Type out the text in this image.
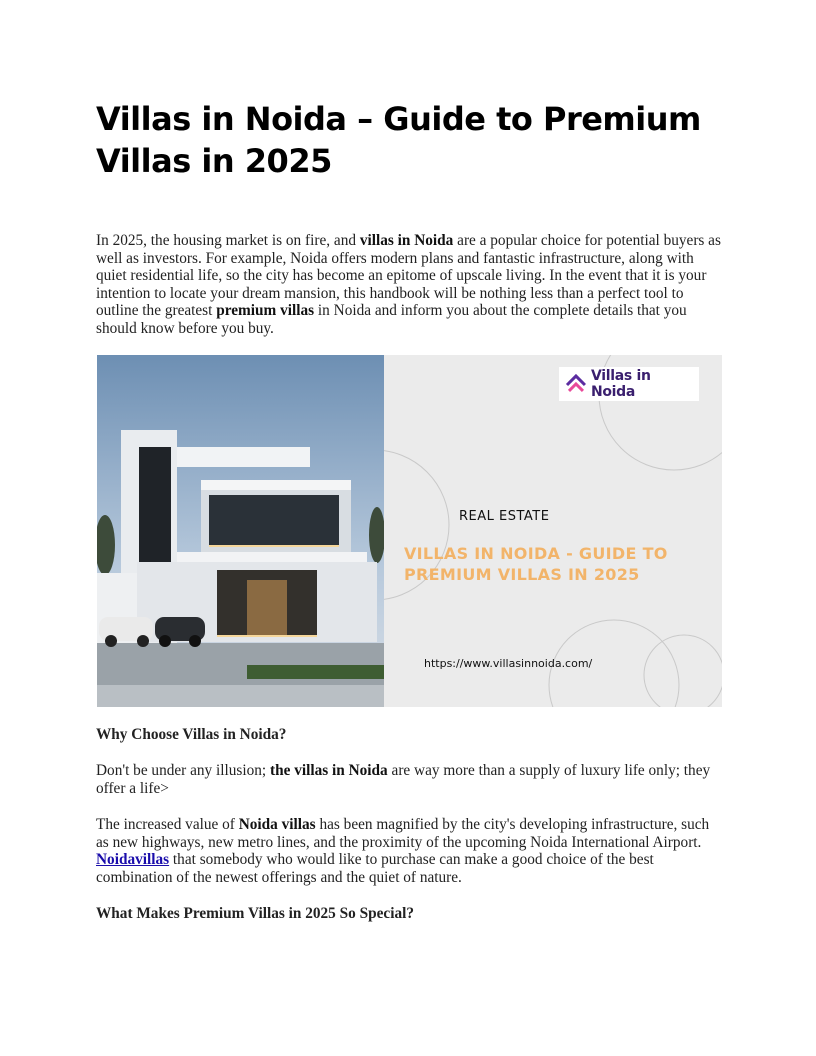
Villas in Noida – Guide to Premium Villas in 2025

In 2025, the housing market is on fire, and villas in Noida are a popular choice for potential buyers as well as investors. For example, Noida offers modern plans and fantastic infrastructure, along with quiet residential life, so the city has become an epitome of upscale living. In the event that it is your intention to locate your dream mansion, this handbook will be nothing less than a perfect tool to outline the greatest premium villas in Noida and inform you about the complete details that you should know before you buy.

Villas in Noida
REAL ESTATE
VILLAS IN NOIDA - GUIDE TO PREMIUM VILLAS IN 2025
https://www.villasinnoida.com/
Why Choose Villas in Noida?

Don't be under any illusion; the villas in Noida are way more than a supply of luxury life only; they offer a life>

The increased value of Noida villas has been magnified by the city's developing infrastructure, such as new highways, new metro lines, and the proximity of the upcoming Noida International Airport. Noidavillas that somebody who would like to purchase can make a good choice of the best combination of the newest offerings and the quiet of nature.

What Makes Premium Villas in 2025 So Special?
